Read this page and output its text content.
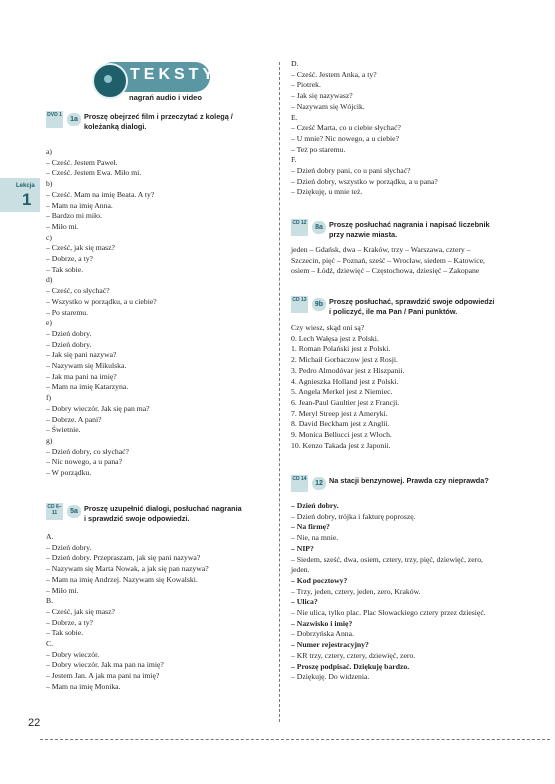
Lekcja
1
TEKSTY
nagrań audio i video
22
DVD 1
1a Proszę obejrzeć film i przeczytać z kolegą /
koleżanką dialogi.
a)
– Cześć. Jestem Paweł.
– Cześć. Jestem Ewa. Miło mi.
b)
– Cześć. Mam na imię Beata. A ty?
– Mam na imię Anna.
– Bardzo mi miło.
– Miło mi.
c)
– Cześć, jak się masz?
– Dobrze, a ty?
– Tak sobie.
d)
– Cześć, co słychać?
– Wszystko w porządku, a u ciebie?
– Po staremu.
e)
– Dzień dobry.
– Dzień dobry.
– Jak się pani nazywa?
– Nazywam się Mikulska.
– Jak ma pani na imię?
– Mam na imię Katarzyna.
f)
– Dobry wieczór. Jak się pan ma?
– Dobrze. A pani?
– Świetnie.
g)
– Dzień dobry, co słychać?
– Nic nowego, a u pana?
– W porządku.
CD 6–11	5a Proszę uzupełnić dialogi, posłuchać nagrania
i sprawdzić swoje odpowiedzi.
A.
– Dzień dobry.
– Dzień dobry. Przepraszam, jak się pani nazywa?
– Nazywam się Marta Nowak, a jak się pan nazywa?
– Mam na imię Andrzej. Nazywam się Kowalski.
– Miło mi.
B.
– Cześć, jak się masz?
– Dobrze, a ty?
– Tak sobie.
C.
– Dobry wieczór.
– Dobry wieczór. Jak ma pan na imię?
– Jestem Jan. A jak ma pani na imię?
– Mam na imię Monika.
D.
– Cześć. Jestem Anka, a ty?
– Piotrek.
– Jak się nazywasz?
– Nazywam się Wójcik.
E.
– Cześć Marta, co u ciebie słychać?
– U mnie? Nic nowego, a u ciebie?
– Też po staremu.
F.
– Dzień dobry pani, co u pani słychać?
– Dzień dobry, wszystko w porządku, a u pana?
– Dziękuję, u mnie też.
CD 12
8a Proszę posłuchać nagrania i napisać liczebnik
przy nazwie miasta.
jeden – Gdańsk, dwa – Kraków, trzy – Warszawa, cztery –
Szczecin, pięć – Poznań, sześć – Wrocław, siedem – Katowice,
osiem – Łódź, dziewięć – Częstochowa, dziesięć – Zakopane
CD 13
9b Proszę posłuchać, sprawdzić swoje odpowiedzi
i policzyć, ile ma Pan / Pani punktów.
Czy wiesz, skąd oni są?
0. Lech Wałęsa jest z Polski.
1. Roman Polański jest z Polski.
2. Michaił Gorbaczow jest z Rosji.
3. Pedro Almodóvar jest z Hiszpanii.
4. Agnieszka Holland jest z Polski.
5. Angela Merkel jest z Niemiec.
6. Jean-Paul Gaultier jest z Francji.
7. Meryl Streep jest z Ameryki.
8. David Beckham jest z Anglii.
9. Monica Bellucci jest z Włoch.
10. Kenzo Takada jest z Japonii.
CD 14
12 Na stacji benzynowej. Prawda czy nieprawda?
– Dzień dobry.
– Dzień dobry, trójka i fakturę poproszę.
– Na firmę?
– Nie, na mnie.
– NIP?
– Siedem, sześć, dwa, osiem, cztery, trzy, pięć, dziewięć, zero,
jeden.
– Kod pocztowy?
– Trzy, jeden, cztery, jeden, zero, Kraków.
– Ulica?
– Nie ulica, tylko plac. Plac Słowackiego cztery przez dziesięć.
– Nazwisko i imię?
– Dobrzyńska Anna.
– Numer rejestracyjny?
– KR trzy, cztery, cztery, dziewięć, zero.
– Proszę podpisać. Dziękuję bardzo.
– Dziękuję. Do widzenia.
